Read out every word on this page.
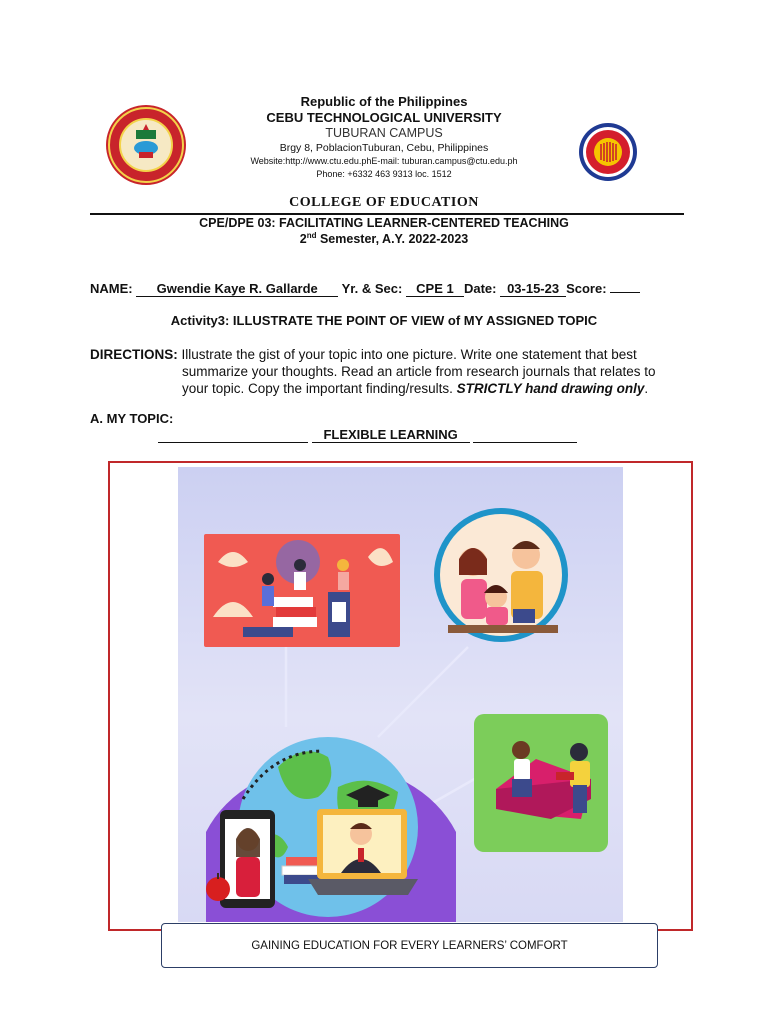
Republic of the Philippines
CEBU TECHNOLOGICAL UNIVERSITY
TUBURAN CAMPUS
Brgy 8, PoblacionTuburan, Cebu, Philippines
Website:http://www.ctu.edu.phE-mail: tuburan.campus@ctu.edu.ph
Phone: +6332 463 9313 loc. 1512
COLLEGE OF EDUCATION
CPE/DPE 03: FACILITATING LEARNER-CENTERED TEACHING
2nd Semester, A.Y. 2022-2023
NAME: Gwendie Kaye R. Gallarde Yr. & Sec: CPE 1 Date: 03-15-23 Score:
Activity3: ILLUSTRATE THE POINT OF VIEW of MY ASSIGNED TOPIC
DIRECTIONS: Illustrate the gist of your topic into one picture. Write one statement that best
summarize your thoughts. Read an article from research journals that relates to
your topic. Copy the important finding/results. STRICTLY hand drawing only.
A. MY TOPIC:
FLEXIBLE LEARNING
GAINING EDUCATION FOR EVERY LEARNERS’ COMFORT
